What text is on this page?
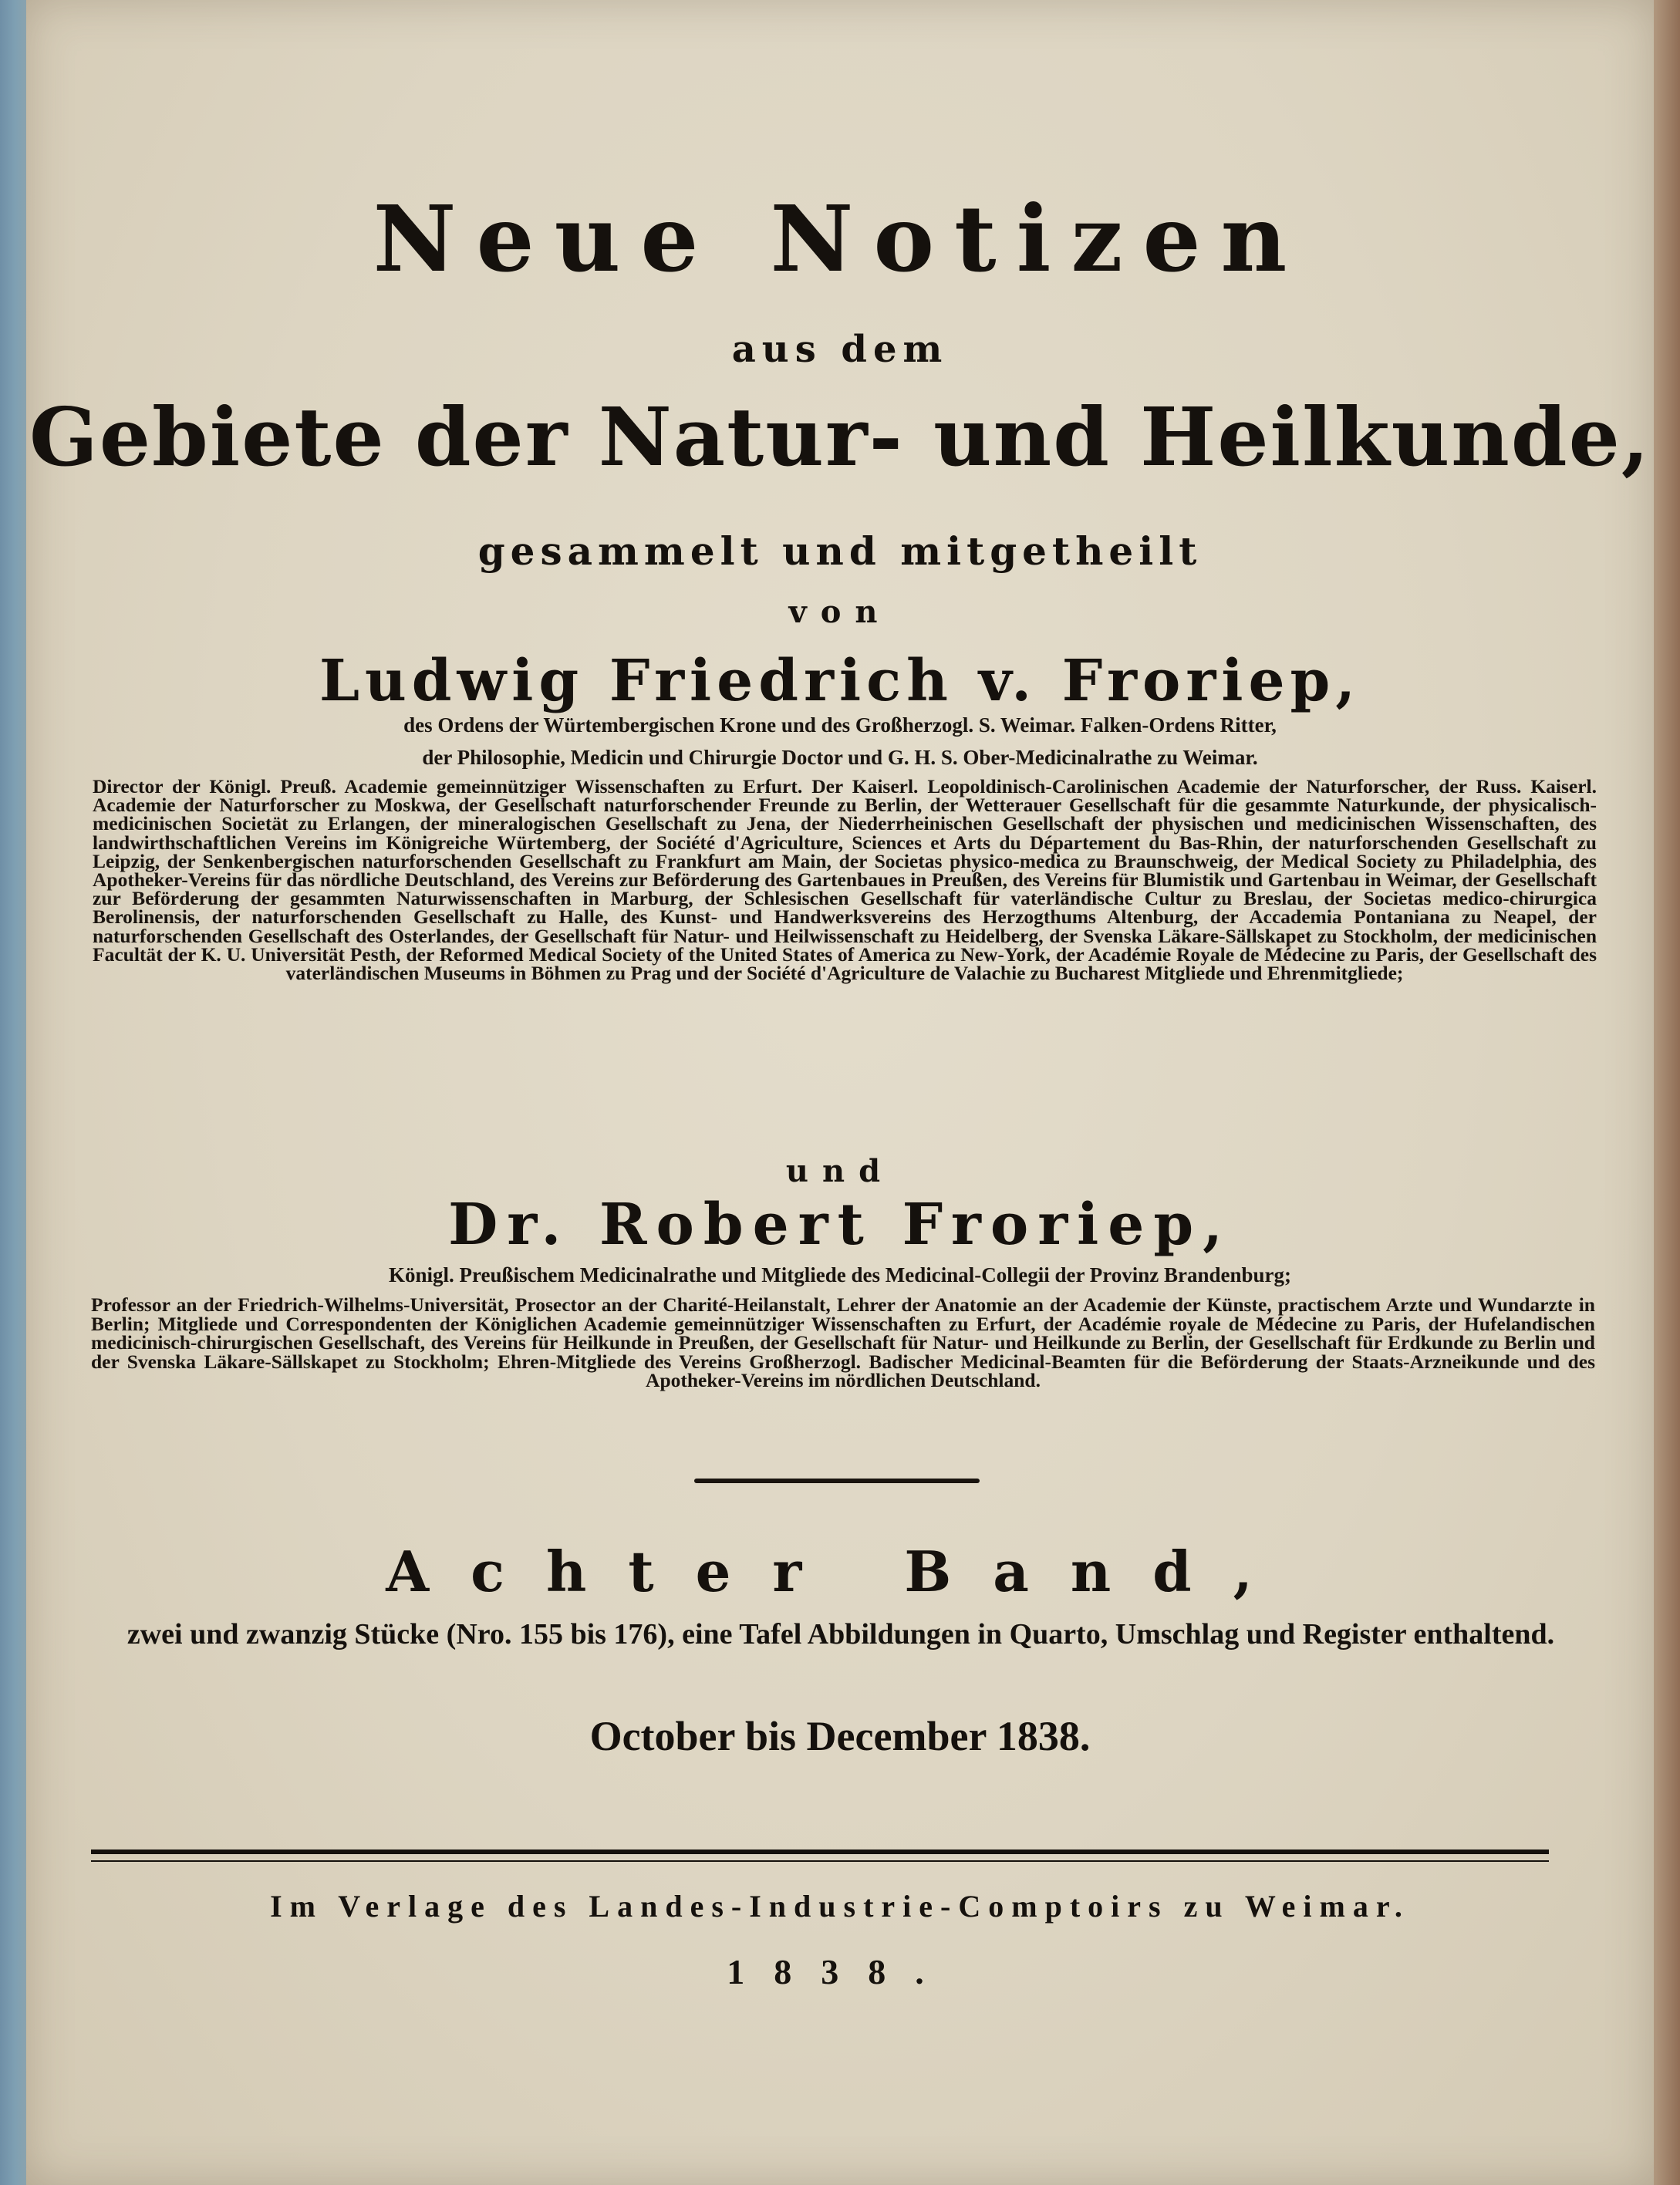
Neue Notizen
aus dem
Gebiete der Natur- und Heilkunde,
gesammelt und mitgetheilt
von
Ludwig Friedrich v. Froriep,
des Ordens der Würtembergischen Krone und des Großherzogl. S. Weimar. Falken-Ordens Ritter,
der Philosophie, Medicin und Chirurgie Doctor und G. H. S. Ober-Medicinalrathe zu Weimar.
Director der Königl. Preuß. Academie gemeinnütziger Wissenschaften zu Erfurt. Der Kaiserl. Leopoldinisch-Carolinischen Academie der Naturforscher, der Russ. Kaiserl. Academie der Naturforscher zu Moskwa, der Gesellschaft naturforschender Freunde zu Berlin, der Wetterauer Gesellschaft für die gesammte Naturkunde, der physicalisch-medicinischen Societät zu Erlangen, der mineralogischen Gesellschaft zu Jena, der Niederrheinischen Gesellschaft der physischen und medicinischen Wissenschaften, des landwirthschaftlichen Vereins im Königreiche Würtemberg, der Société d'Agriculture, Sciences et Arts du Département du Bas-Rhin, der naturforschenden Gesellschaft zu Leipzig, der Senkenbergischen naturforschenden Gesellschaft zu Frankfurt am Main, der Societas physico-medica zu Braunschweig, der Medical Society zu Philadelphia, des Apotheker-Vereins für das nördliche Deutschland, des Vereins zur Beförderung des Gartenbaues in Preußen, des Vereins für Blumistik und Gartenbau in Weimar, der Gesellschaft zur Beförderung der gesammten Naturwissenschaften in Marburg, der Schlesischen Gesellschaft für vaterländische Cultur zu Breslau, der Societas medico-chirurgica Berolinensis, der naturforschenden Gesellschaft zu Halle, des Kunst- und Handwerksvereins des Herzogthums Altenburg, der Accademia Pontaniana zu Neapel, der naturforschenden Gesellschaft des Osterlandes, der Gesellschaft für Natur- und Heilwissenschaft zu Heidelberg, der Svenska Läkare-Sällskapet zu Stockholm, der medicinischen Facultät der K. U. Universität Pesth, der Reformed Medical Society of the United States of America zu New-York, der Académie Royale de Médecine zu Paris, der Gesellschaft des vaterländischen Museums in Böhmen zu Prag und der Société d'Agriculture de Valachie zu Bucharest Mitgliede und Ehrenmitgliede;
und
Dr. Robert Froriep,
Königl. Preußischem Medicinalrathe und Mitgliede des Medicinal-Collegii der Provinz Brandenburg;
Professor an der Friedrich-Wilhelms-Universität, Prosector an der Charité-Heilanstalt, Lehrer der Anatomie an der Academie der Künste, practischem Arzte und Wundarzte in Berlin; Mitgliede und Correspondenten der Königlichen Academie gemeinnütziger Wissenschaften zu Erfurt, der Académie royale de Médecine zu Paris, der Hufelandischen medicinisch-chirurgischen Gesellschaft, des Vereins für Heilkunde in Preußen, der Gesellschaft für Natur- und Heilkunde zu Berlin, der Gesellschaft für Erdkunde zu Berlin und der Svenska Läkare-Sällskapet zu Stockholm; Ehren-Mitgliede des Vereins Großherzogl. Badischer Medicinal-Beamten für die Beförderung der Staats-Arzneikunde und des Apotheker-Vereins im nördlichen Deutschland.
Achter Band,
zwei und zwanzig Stücke (Nro. 155 bis 176), eine Tafel Abbildungen in Quarto, Umschlag und Register enthaltend.
October bis December 1838.
Im Verlage des Landes-Industrie-Comptoirs zu Weimar.
1838.
